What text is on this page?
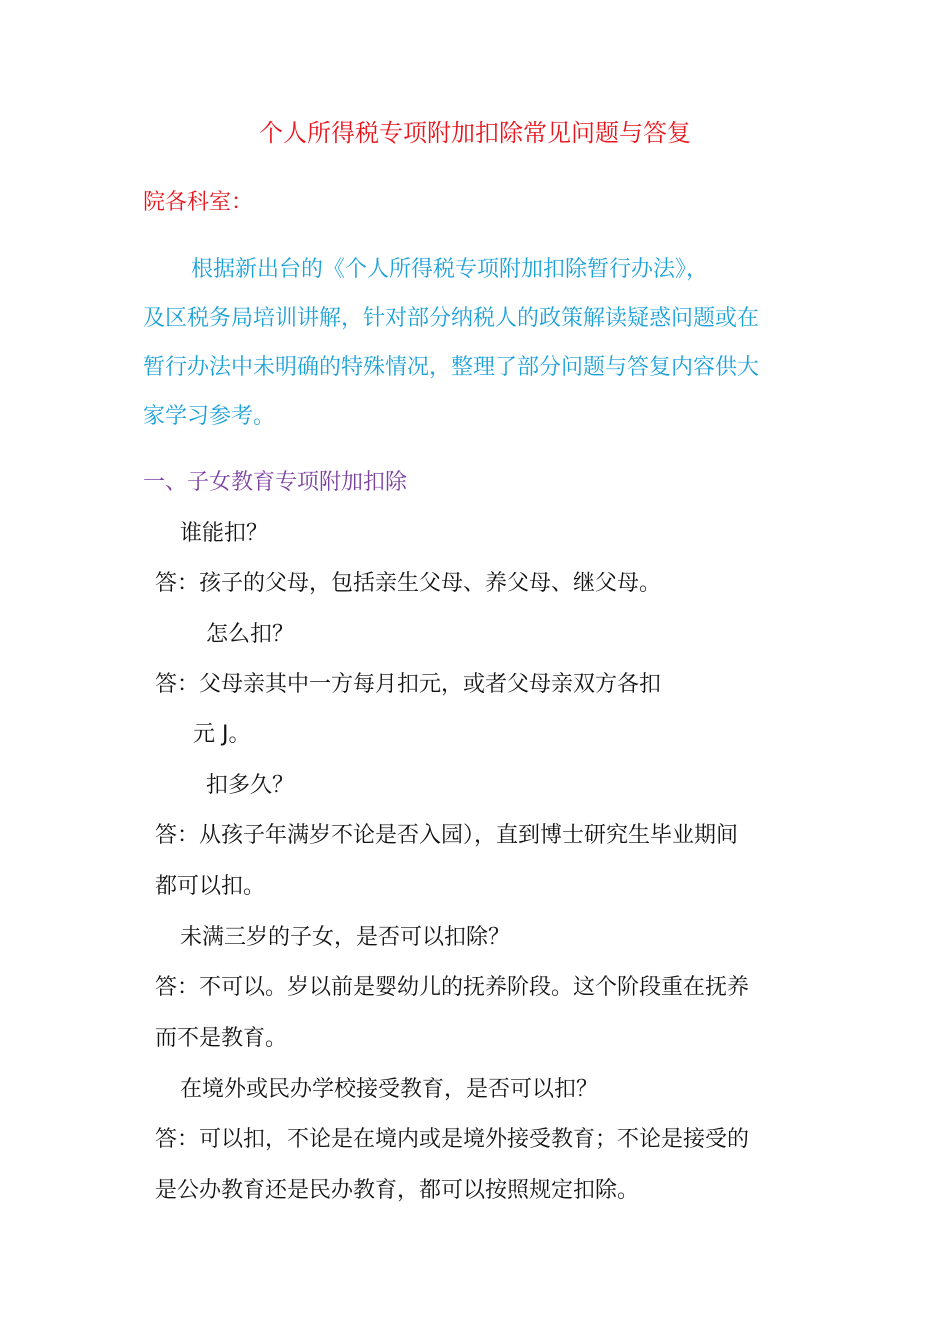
个人所得税专项附加扣除常见问题与答复
院各科室：
根据新出台的《个人所得税专项附加扣除暂行办法》，
及区税务局培训讲解，针对部分纳税人的政策解读疑惑问题或在
暂行办法中未明确的特殊情况，整理了部分问题与答复内容供大
家学习参考。
一、子女教育专项附加扣除
谁能扣？
答：孩子的父母，包括亲生父母、养父母、继父母。
怎么扣？
答：父母亲其中一方每月扣元，或者父母亲双方各扣
元 J。
扣多久？
答：从孩子年满岁不论是否入园），直到博士研究生毕业期间
都可以扣。
未满三岁的子女，是否可以扣除？
答：不可以。岁以前是婴幼儿的抚养阶段。这个阶段重在抚养
而不是教育。
在境外或民办学校接受教育，是否可以扣？
答：可以扣，不论是在境内或是境外接受教育；不论是接受的
是公办教育还是民办教育，都可以按照规定扣除。
